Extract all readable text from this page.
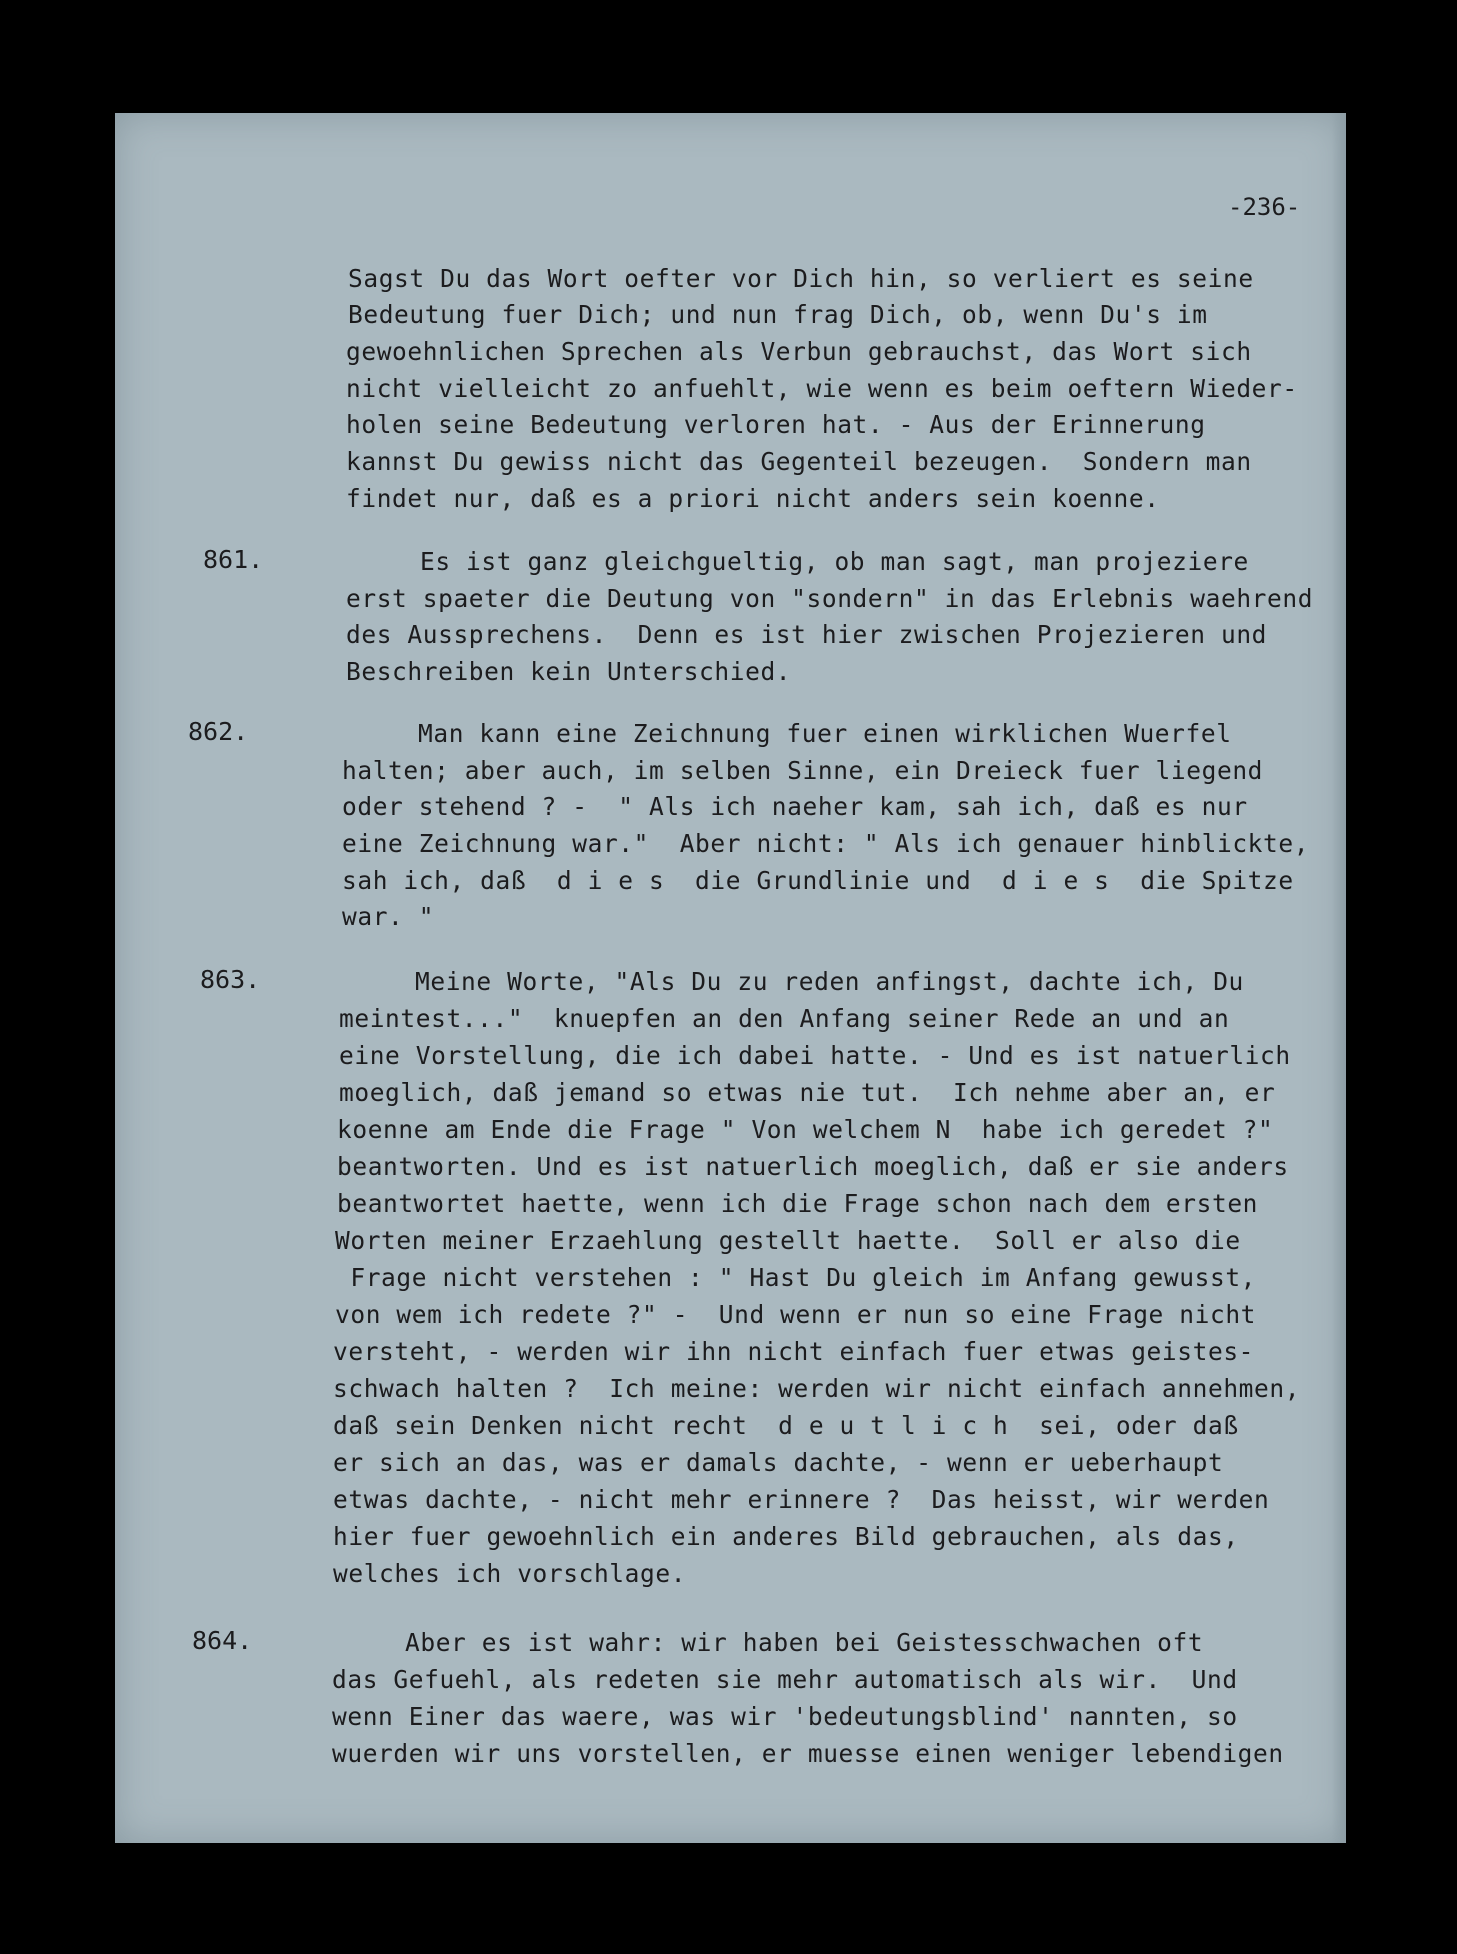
-236-
Sagst Du das Wort oefter vor Dich hin, so verliert es seine
Bedeutung fuer Dich; und nun frag Dich, ob, wenn Du's im
gewoehnlichen Sprechen als Verbun gebrauchst, das Wort sich
nicht vielleicht zo anfuehlt, wie wenn es beim oeftern Wieder-
holen seine Bedeutung verloren hat. - Aus der Erinnerung
kannst Du gewiss nicht das Gegenteil bezeugen.  Sondern man
findet nur, daß es a priori nicht anders sein koenne.
861.	Es ist ganz gleichgueltig, ob man sagt, man projeziere
erst spaeter die Deutung von "sondern" in das Erlebnis waehrend
des Aussprechens.  Denn es ist hier zwischen Projezieren und
Beschreiben kein Unterschied.
862.	Man kann eine Zeichnung fuer einen wirklichen Wuerfel
halten; aber auch, im selben Sinne, ein Dreieck fuer liegend
oder stehend ? -  " Als ich naeher kam, sah ich, daß es nur
eine Zeichnung war."  Aber nicht: " Als ich genauer hinblickte,
sah ich, daß  d i e s  die Grundlinie und  d i e s  die Spitze
war. "
863.	Meine Worte, "Als Du zu reden anfingst, dachte ich, Du
meintest..."  knuepfen an den Anfang seiner Rede an und an
eine Vorstellung, die ich dabei hatte. - Und es ist natuerlich
moeglich, daß jemand so etwas nie tut.  Ich nehme aber an, er
koenne am Ende die Frage " Von welchem N  habe ich geredet ?"
beantworten. Und es ist natuerlich moeglich, daß er sie anders
beantwortet haette, wenn ich die Frage schon nach dem ersten
Worten meiner Erzaehlung gestellt haette.  Soll er also die
Frage nicht verstehen : " Hast Du gleich im Anfang gewusst,
von wem ich redete ?" -  Und wenn er nun so eine Frage nicht
versteht, - werden wir ihn nicht einfach fuer etwas geistes-
schwach halten ?  Ich meine: werden wir nicht einfach annehmen,
daß sein Denken nicht recht  d e u t l i c h  sei, oder daß
er sich an das, was er damals dachte, - wenn er ueberhaupt
etwas dachte, - nicht mehr erinnere ?  Das heisst, wir werden
hier fuer gewoehnlich ein anderes Bild gebrauchen, als das,
welches ich vorschlage.
864.	Aber es ist wahr: wir haben bei Geistesschwachen oft
das Gefuehl, als redeten sie mehr automatisch als wir.  Und
wenn Einer das waere, was wir 'bedeutungsblind' nannten, so
wuerden wir uns vorstellen, er muesse einen weniger lebendigen
